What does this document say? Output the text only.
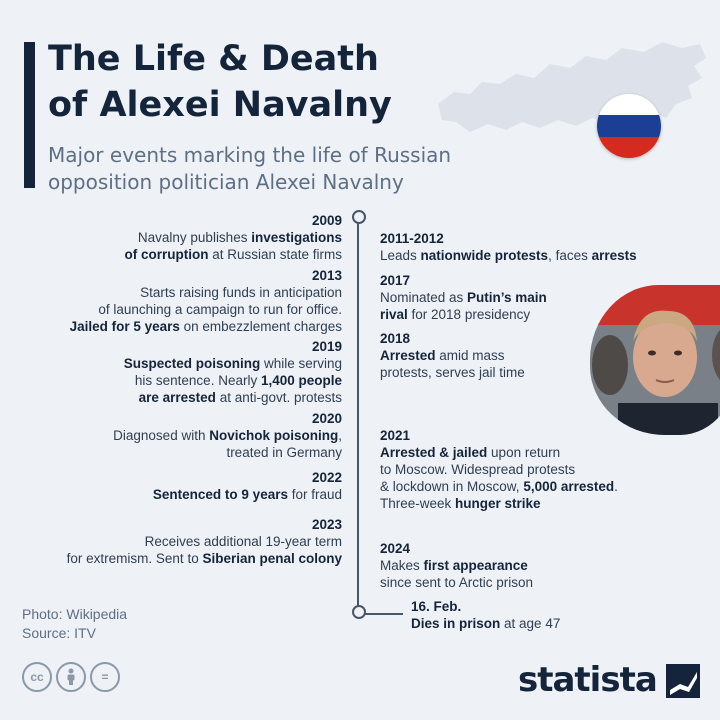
The Life & Death
of Alexei Navalny

Major events marking the life of Russian
opposition politician Alexei Navalny

2009
Navalny publishes investigations
of corruption at Russian state firms
2013
Starts raising funds in anticipation
of launching a campaign to run for office.
Jailed for 5 years on embezzlement charges
2019
Suspected poisoning while serving
his sentence. Nearly 1,400 people
are arrested at anti-govt. protests
2020
Diagnosed with Novichok poisoning,
treated in Germany
2022
Sentenced to 9 years for fraud
2023
Receives additional 19-year term
for extremism. Sent to Siberian penal colony
2011-2012
Leads nationwide protests, faces arrests
2017
Nominated as Putin’s main
rival for 2018 presidency
2018
Arrested amid mass
protests, serves jail time
2021
Arrested & jailed upon return
to Moscow. Widespread protests
& lockdown in Moscow, 5,000 arrested.
Three-week hunger strike
2024
Makes first appearance
since sent to Arctic prison
16. Feb.
Dies in prison at age 47
Photo: Wikipedia
Source: ITV
cc	=	statista
